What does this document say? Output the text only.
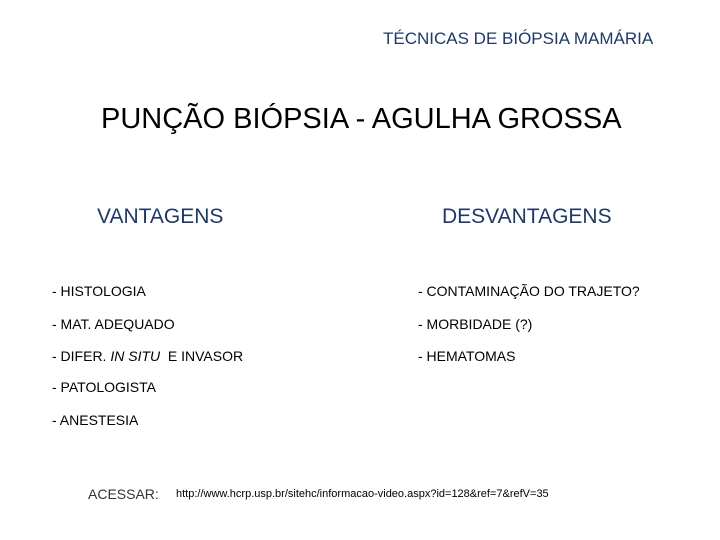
TÉCNICAS DE BIÓPSIA MAMÁRIA
PUNÇÃO BIÓPSIA - AGULHA GROSSA
VANTAGENS	DESVANTAGENS
- HISTOLOGIA
- MAT. ADEQUADO
- DIFER. IN SITU  E INVASOR
- PATOLOGISTA
- ANESTESIA
- CONTAMINAÇÃO DO TRAJETO?
- MORBIDADE (?)
- HEMATOMAS
ACESSAR: http://www.hcrp.usp.br/sitehc/informacao-video.aspx?id=128&ref=7&refV=35
